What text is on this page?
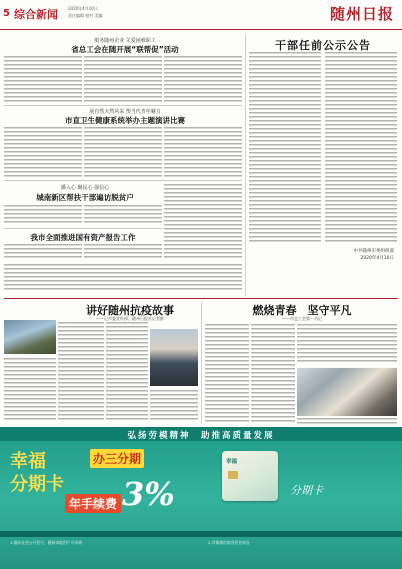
5 综合新闻	2020年4月10日
责任编辑 校对 美编	随州日报
服务随州企业 关爱困难职工
省总工会在随开展“联帮促”活动
展自然天然风采 塑当代青年魅力
市直卫生健康系统举办主题演讲比赛
播入心 聚民心 强信心
城南新区帮扶干部遍访脱贫户
我市全面推进国有资产报告工作
干部任前公示公告
中共随州市委组织部
2020年4月10日
讲好随州抗疫故事
——记市委宣传部、随州日报社记者群
燃烧青春　坚守平凡
——市总工会第一书记
弘扬劳模精神　助推高质量发展
幸福	办三分期
分期卡
年手续费 3%
幸福
分期卡
1.面向社会公开发行，随州本地用户可申请	2.详情请咨询各营业网点
